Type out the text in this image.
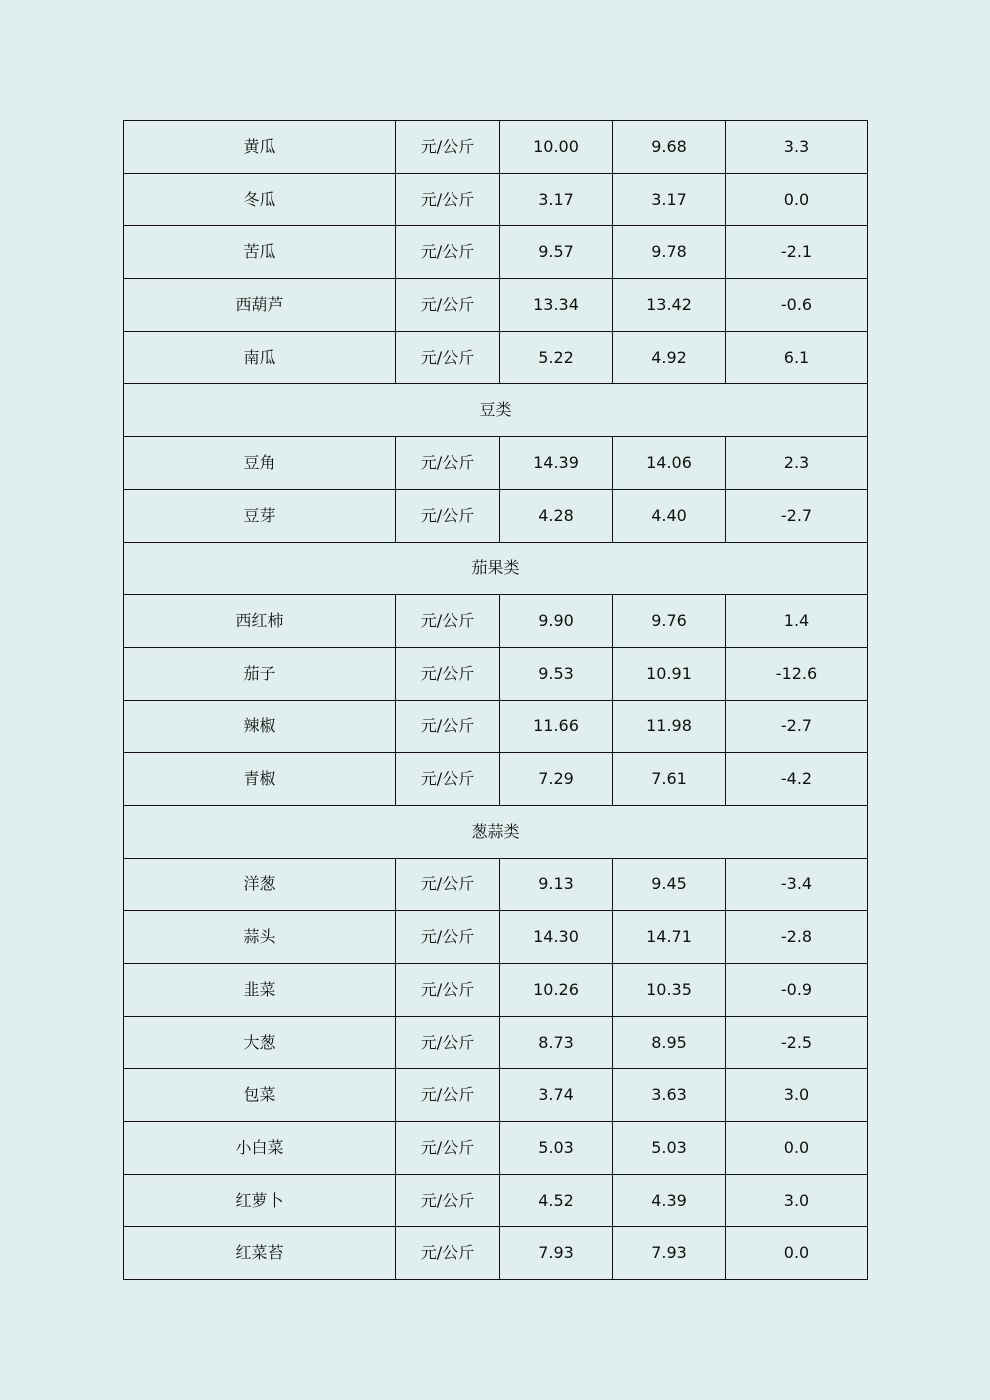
黄瓜	元/公斤	10.00	9.68	3.3
冬瓜	元/公斤	3.17	3.17	0.0
苦瓜	元/公斤	9.57	9.78	-2.1
西葫芦	元/公斤	13.34	13.42	-0.6
南瓜	元/公斤	5.22	4.92	6.1
豆类				
豆角	元/公斤	14.39	14.06	2.3
豆芽	元/公斤	4.28	4.40	-2.7
茄果类				
西红柿	元/公斤	9.90	9.76	1.4
茄子	元/公斤	9.53	10.91	-12.6
辣椒	元/公斤	11.66	11.98	-2.7
青椒	元/公斤	7.29	7.61	-4.2
葱蒜类				
洋葱	元/公斤	9.13	9.45	-3.4
蒜头	元/公斤	14.30	14.71	-2.8
韭菜	元/公斤	10.26	10.35	-0.9
大葱	元/公斤	8.73	8.95	-2.5
包菜	元/公斤	3.74	3.63	3.0
小白菜	元/公斤	5.03	5.03	0.0
红萝卜	元/公斤	4.52	4.39	3.0
红菜苔	元/公斤	7.93	7.93	0.0
